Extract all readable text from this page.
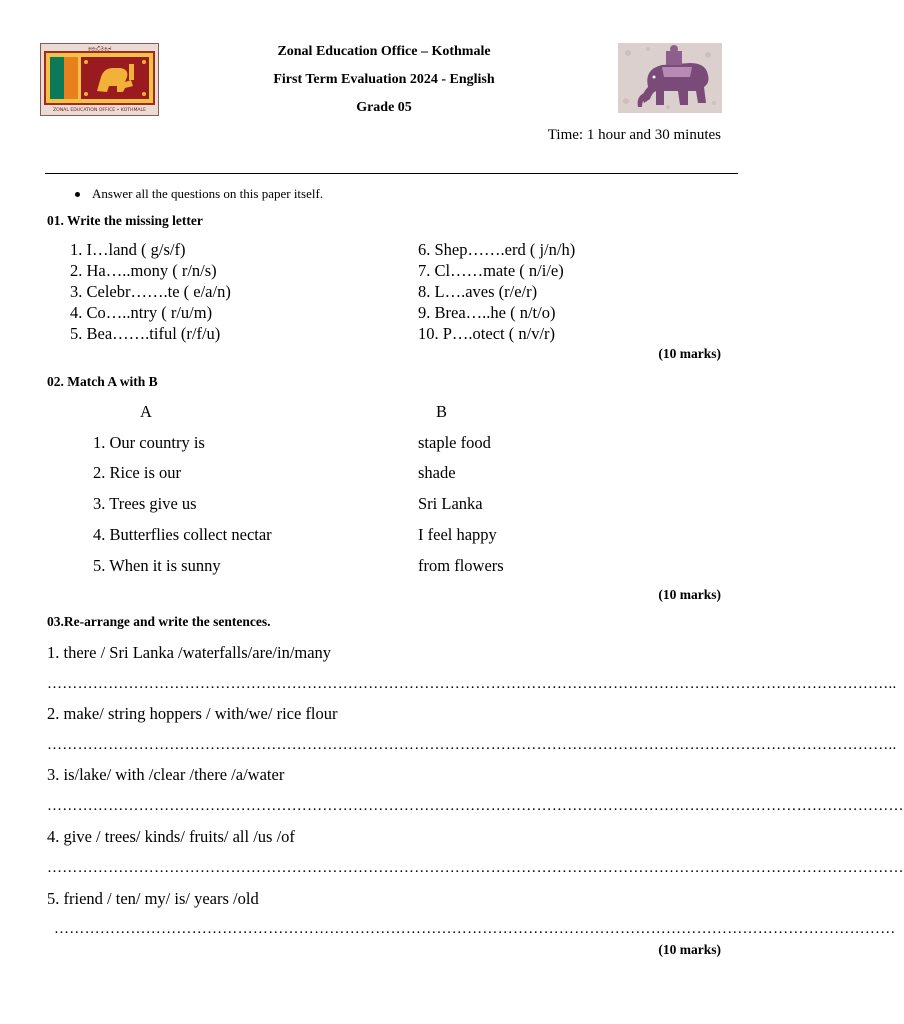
කොට්මලේ
ZONAL EDUCATION OFFICE • KOTHMALE
Zonal Education Office – Kothmale
First Term Evaluation 2024 - English
Grade 05
Time: 1 hour and 30 minutes
Answer all the questions on this paper itself.
01. Write the missing letter
1. I…land ( g/s/f)
2. Ha…..mony ( r/n/s)
3. Celebr…….te ( e/a/n)
4. Co…..ntry ( r/u/m)
5. Bea…….tiful (r/f/u)
6. Shep…….erd ( j/n/h)
7. Cl……mate ( n/i/e)
8. L….aves (r/e/r)
9. Brea…..he ( n/t/o)
10. P….otect ( n/v/r)
(10 marks)
02. Match A with B
A	B
1. Our country is
2. Rice is our
3. Trees give us
4. Butterflies collect nectar
5. When it is sunny
staple food
shade
Sri Lanka
I feel happy
from flowers
(10 marks)
03.Re-arrange and write the sentences.
1. there / Sri Lanka /waterfalls/are/in/many
…………………………………………………………………………………………………………………………………………………..
2. make/ string hoppers / with/we/ rice flour
…………………………………………………………………………………………………………………………………………………..
3. is/lake/ with /clear /there /a/water
……………………………………………………………………………………………………………………………………………………
4. give / trees/ kinds/ fruits/ all /us /of
……………………………………………………………………………………………………………………………………………………
5. friend / ten/ my/ is/ years /old
…………………………………………………………………………………………………………………………………………………
(10 marks)
